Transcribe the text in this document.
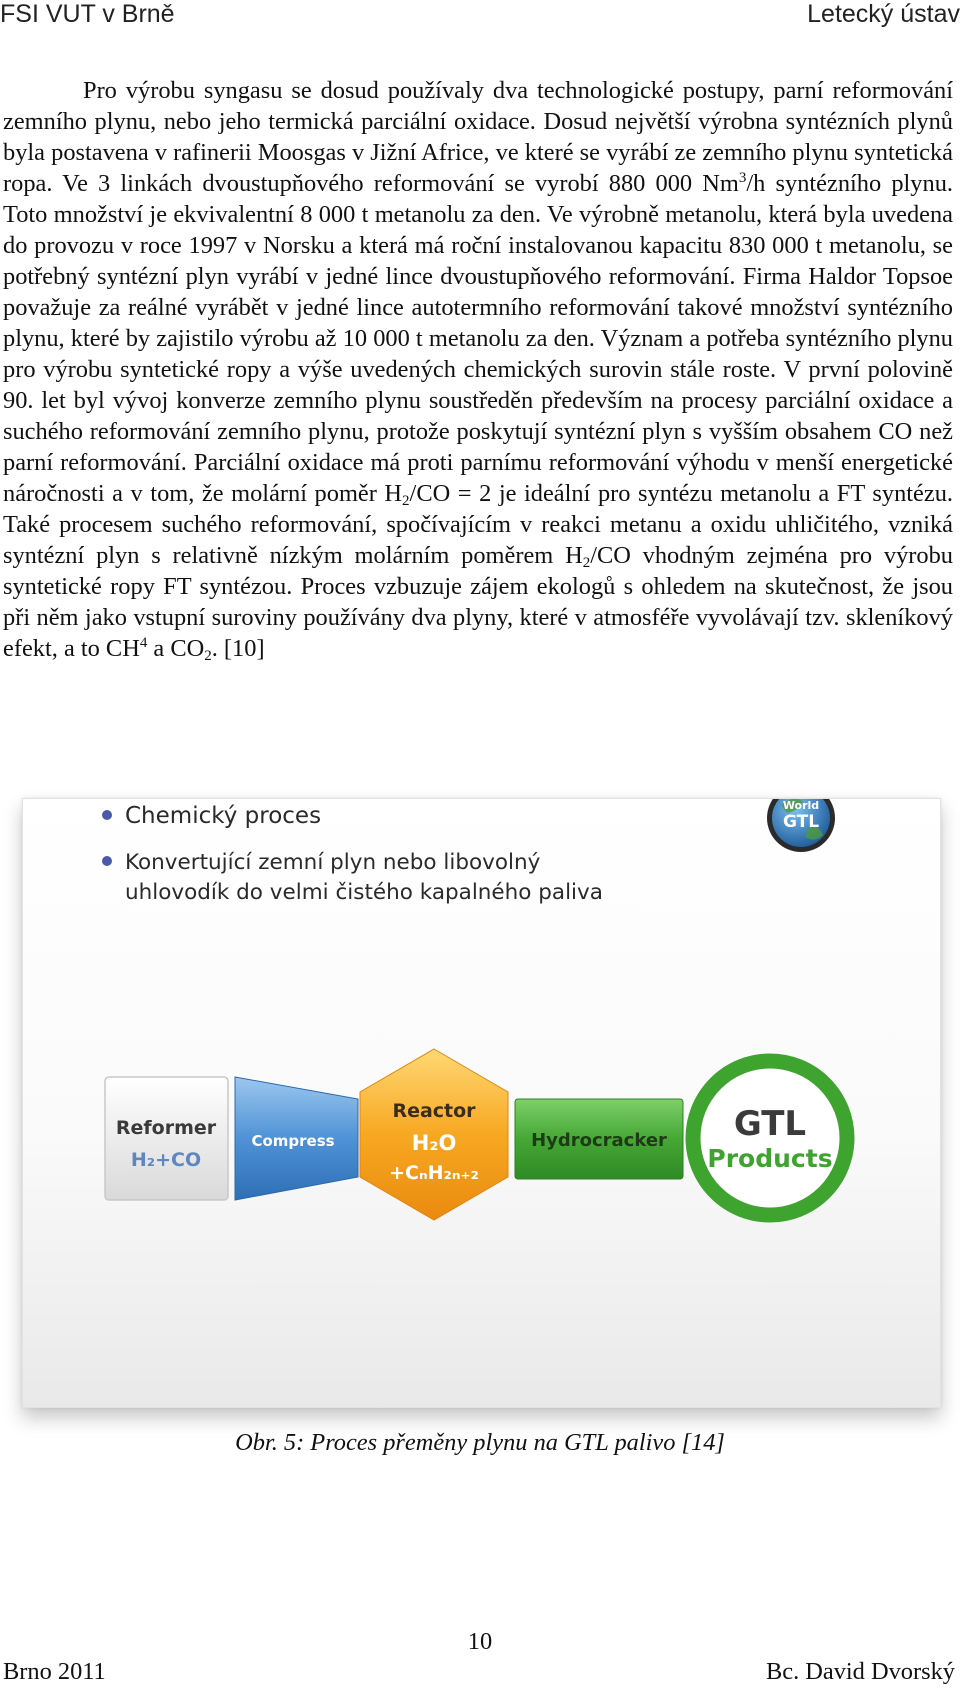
FSI VUT v Brně	Letecký ústav
Pro výrobu syngasu se dosud používaly dva technologické postupy, parní reformování zemního plynu, nebo jeho termická parciální oxidace. Dosud největší výrobna syntézních plynů byla postavena v rafinerii Moosgas v Jižní Africe, ve které se vyrábí ze zemního plynu syntetická ropa. Ve 3 linkách dvoustupňového reformování se vyrobí 880 000 Nm$^3$/h syntézního plynu. Toto množství je ekvivalentní 8 000 t metanolu za den. Ve výrobně metanolu, která byla uvedena do provozu v roce 1997 v Norsku a která má roční instalovanou kapacitu 830 000 t metanolu, se potřebný syntézní plyn vyrábí v jedné lince dvoustupňového reformování. Firma Haldor Topsoe považuje za reálné vyrábět v jedné lince autotermního reformování takové množství syntézního plynu, které by zajistilo výrobu až 10 000 t metanolu za den. Význam a potřeba syntézního plynu pro výrobu syntetické ropy a výše uvedených chemických surovin stále roste. V první polovině 90. let byl vývoj konverze zemního plynu soustředěn především na procesy parciální oxidace a suchého reformování zemního plynu, protože poskytují syntézní plyn s vyšším obsahem CO než parní reformování. Parciální oxidace má proti parnímu reformování výhodu v menší energetické náročnosti a v tom, že molární poměr $H_2/CO = 2$ je ideální pro syntézu metanolu a FT syntézu. Také procesem suchého reformování, spočívajícím v reakci metanu a oxidu uhličitého, vzniká syntézní plyn s relativně nízkým molárním poměrem $H_2/CO$ vhodným zejména pro výrobu syntetické ropy FT syntézou. Proces vzbuzuje zájem ekologů s ohledem na skutečnost, že jsou při něm jako vstupní suroviny používány dva plyny, které v atmosféře vyvolávají tzv. skleníkový efekt, a to $CH^4$ a $CO_2$. [10]
Chemický proces
Konvertující zemní plyn nebo libovolný
uhlovodík do velmi čistého kapalného paliva
World
GTL
Reformer
H₂+CO
Compress
Reactor
H₂O
+CₙH₂ₙ₊₂
Hydrocracker GTL
Products
Obr. 5: Proces přeměny plynu na GTL palivo [14]
10
Brno 2011	Bc. David Dvorský
